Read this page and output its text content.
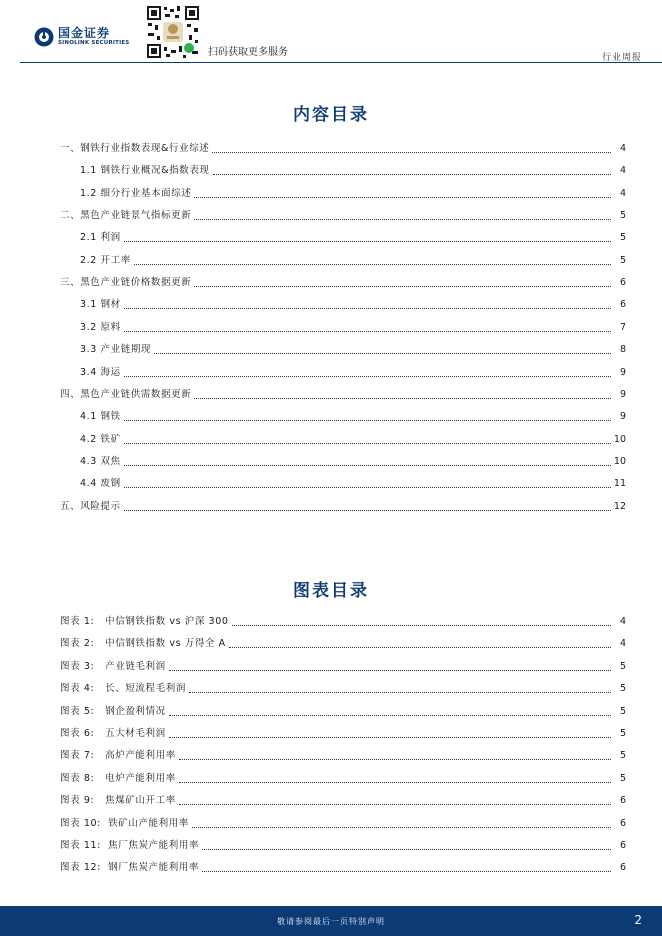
国金证券
SINOLINK SECURITIES
扫码获取更多服务	行业周报
内容目录
一、钢铁行业指数表现&行业综述	4
1.1 钢铁行业概况&指数表现	4
1.2 细分行业基本面综述	4
二、黑色产业链景气指标更新	5
2.1 利润	5
2.2 开工率	5
三、黑色产业链价格数据更新	6
3.1 钢材	6
3.2 原料	7
3.3 产业链期现	8
3.4 海运	9
四、黑色产业链供需数据更新	9
4.1 钢铁	9
4.2 铁矿	10
4.3 双焦	10
4.4 废钢	11
五、风险提示	12
图表目录
图表 1:   中信钢铁指数 vs 沪深 300	4
图表 2:   中信钢铁指数 vs 万得全 A	4
图表 3:   产业链毛利润	5
图表 4:   长、短流程毛利润	5
图表 5:   钢企盈利情况	5
图表 6:   五大材毛利润	5
图表 7:   高炉产能利用率	5
图表 8:   电炉产能利用率	5
图表 9:   焦煤矿山开工率	6
图表 10:  铁矿山产能利用率	6
图表 11:  焦厂焦炭产能利用率	6
图表 12:  钢厂焦炭产能利用率	6
敬请参阅最后一页特别声明	2
